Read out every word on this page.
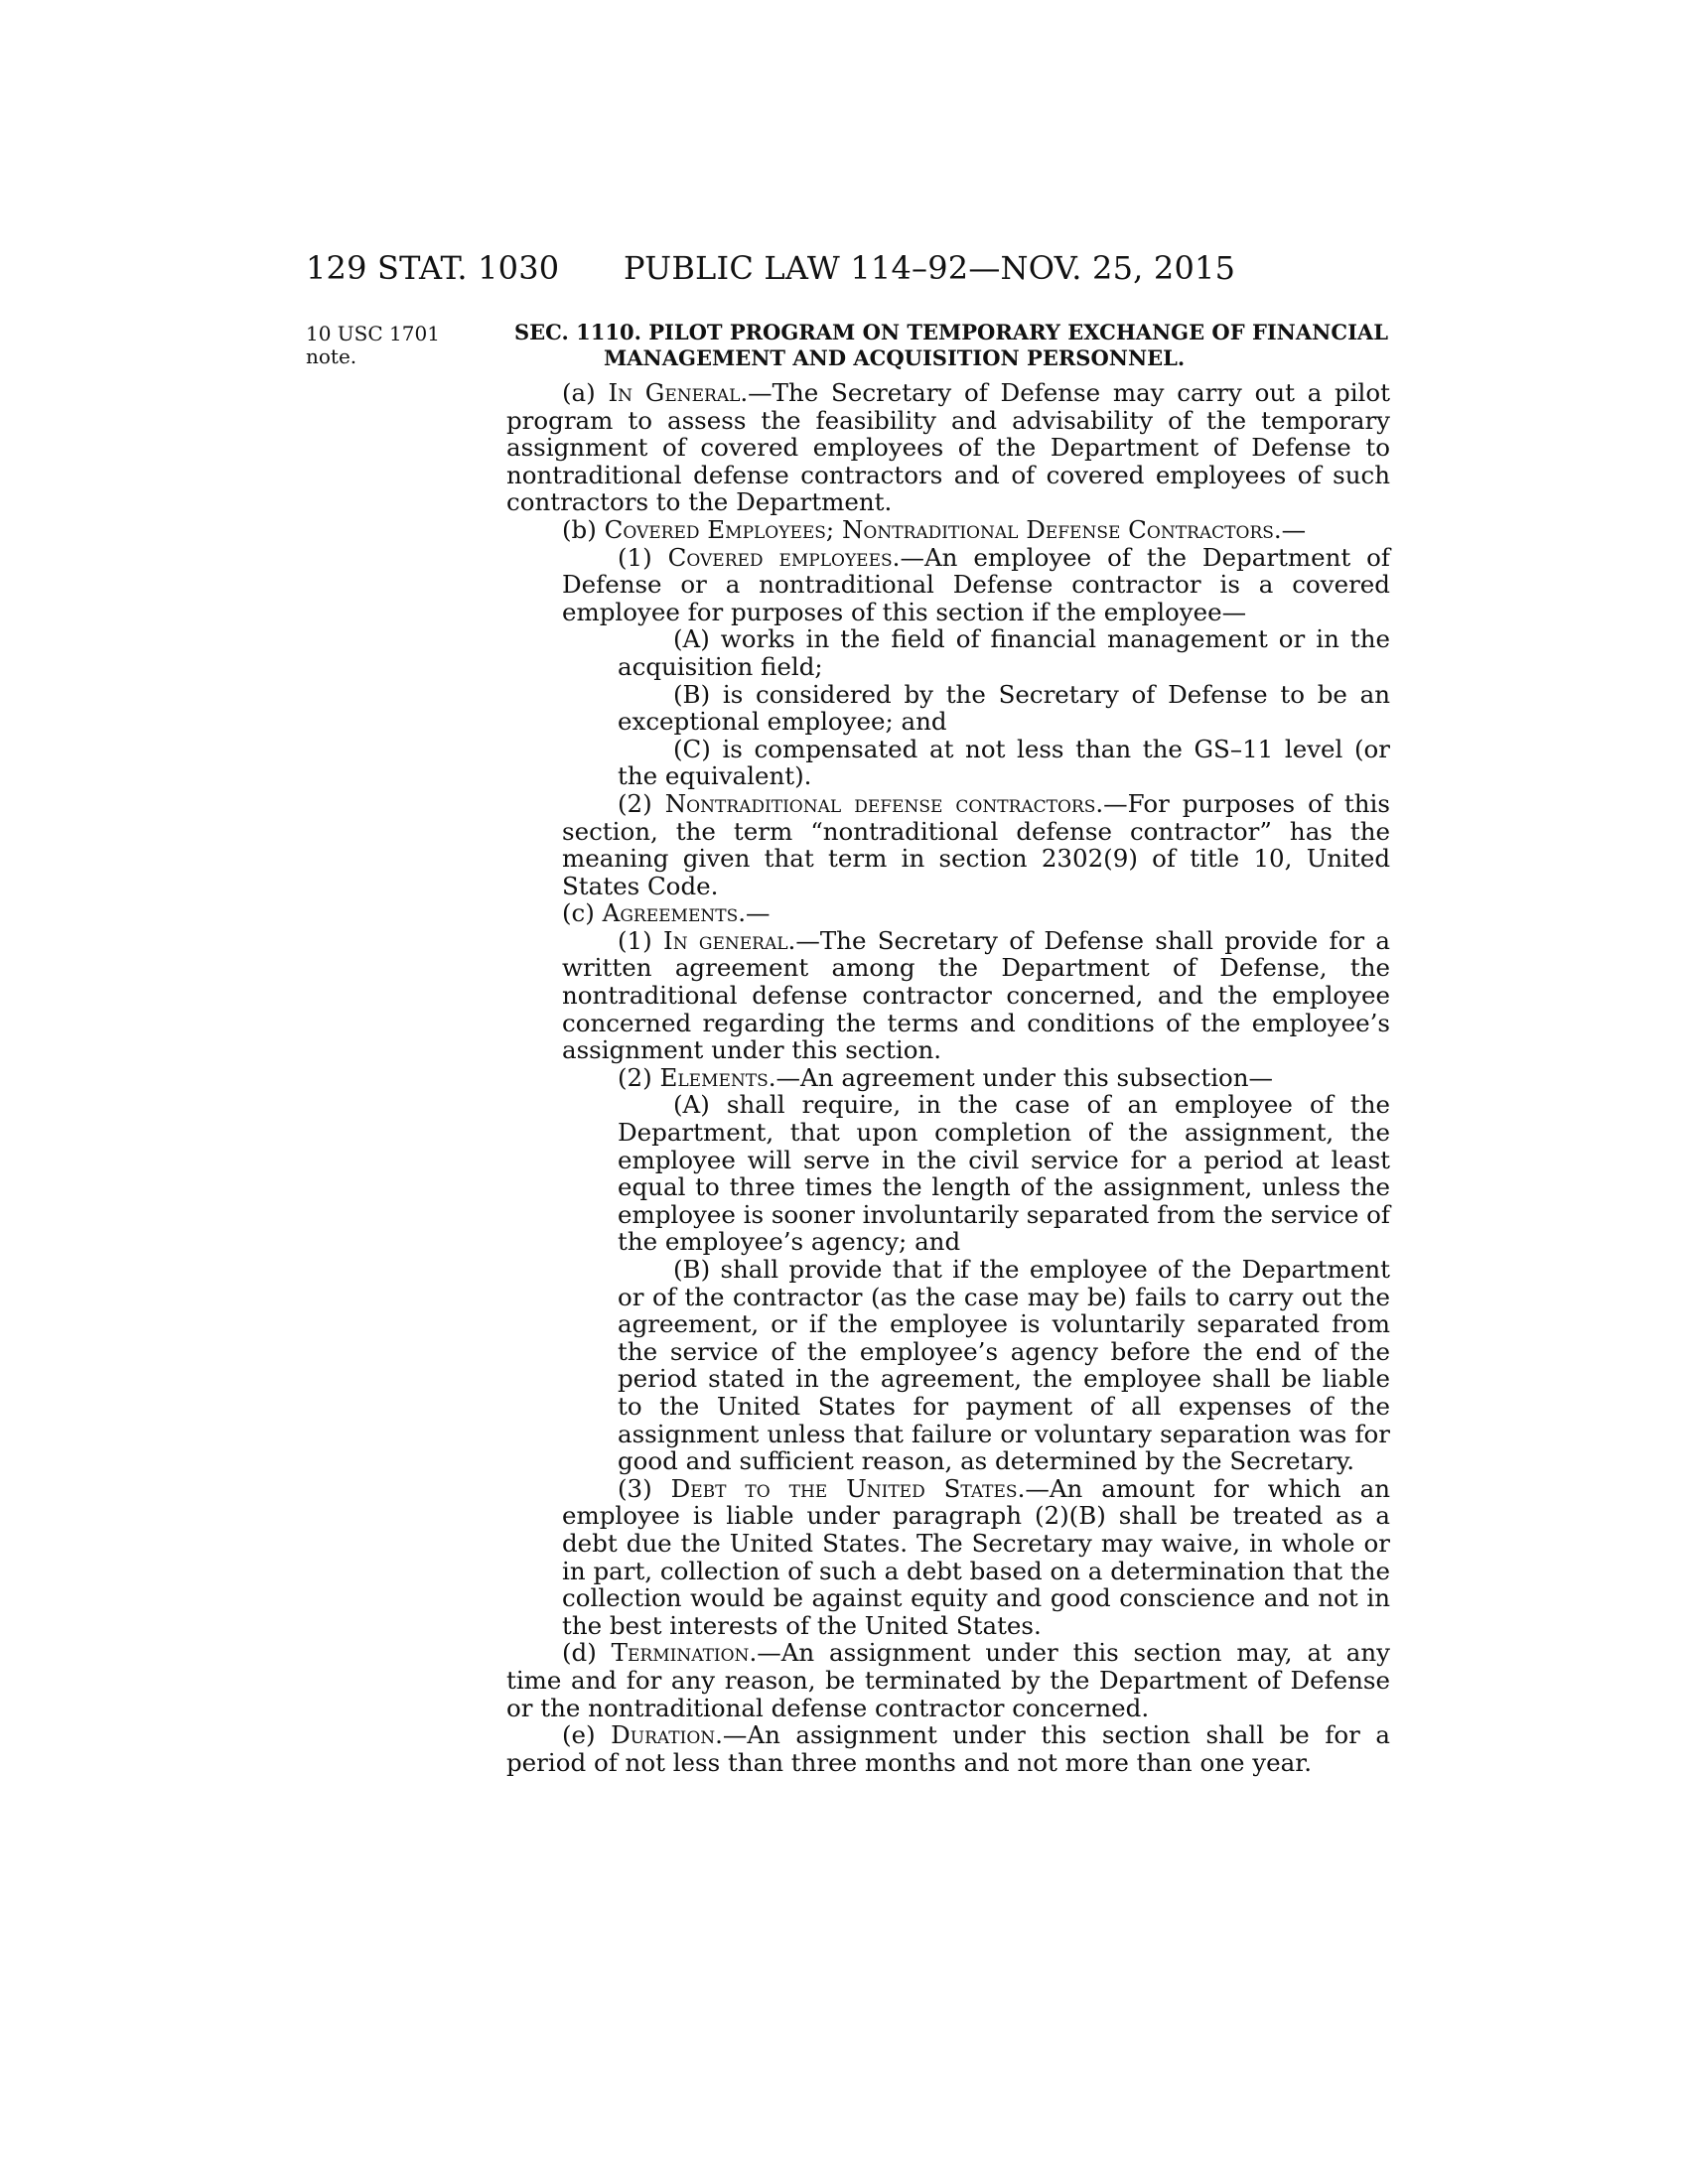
129 STAT. 1030 PUBLIC LAW 114–92—NOV. 25, 2015
10 USC 1701
note.
SEC. 1110. PILOT PROGRAM ON TEMPORARY EXCHANGE OF FINANCIAL
MANAGEMENT AND ACQUISITION PERSONNEL.

(a) In General.—The Secretary of Defense may carry out a pilot program to assess the feasibility and advisability of the temporary assignment of covered employees of the Department of Defense to nontraditional defense contractors and of covered employees of such contractors to the Department.

(b) Covered Employees; Nontraditional Defense Contractors.—

(1) Covered employees.—An employee of the Department of Defense or a nontraditional Defense contractor is a covered employee for purposes of this section if the employee—

(A) works in the field of financial management or in the acquisition field;

(B) is considered by the Secretary of Defense to be an exceptional employee; and

(C) is compensated at not less than the GS–11 level (or the equivalent).

(2) Nontraditional defense contractors.—For purposes of this section, the term “nontraditional defense contractor” has the meaning given that term in section 2302(9) of title 10, United States Code.

(c) Agreements.—

(1) In general.—The Secretary of Defense shall provide for a written agreement among the Department of Defense, the nontraditional defense contractor concerned, and the employee concerned regarding the terms and conditions of the employee’s assignment under this section.

(2) Elements.—An agreement under this subsection—

(A) shall require, in the case of an employee of the Department, that upon completion of the assignment, the employee will serve in the civil service for a period at least equal to three times the length of the assignment, unless the employee is sooner involuntarily separated from the service of the employee’s agency; and

(B) shall provide that if the employee of the Department or of the contractor (as the case may be) fails to carry out the agreement, or if the employee is voluntarily separated from the service of the employee’s agency before the end of the period stated in the agreement, the employee shall be liable to the United States for payment of all expenses of the assignment unless that failure or voluntary separation was for good and sufficient reason, as determined by the Secretary.

(3) Debt to the United States.—An amount for which an employee is liable under paragraph (2)(B) shall be treated as a debt due the United States. The Secretary may waive, in whole or in part, collection of such a debt based on a determination that the collection would be against equity and good conscience and not in the best interests of the United States.

(d) Termination.—An assignment under this section may, at any time and for any reason, be terminated by the Department of Defense or the nontraditional defense contractor concerned.

(e) Duration.—An assignment under this section shall be for a period of not less than three months and not more than one year.
